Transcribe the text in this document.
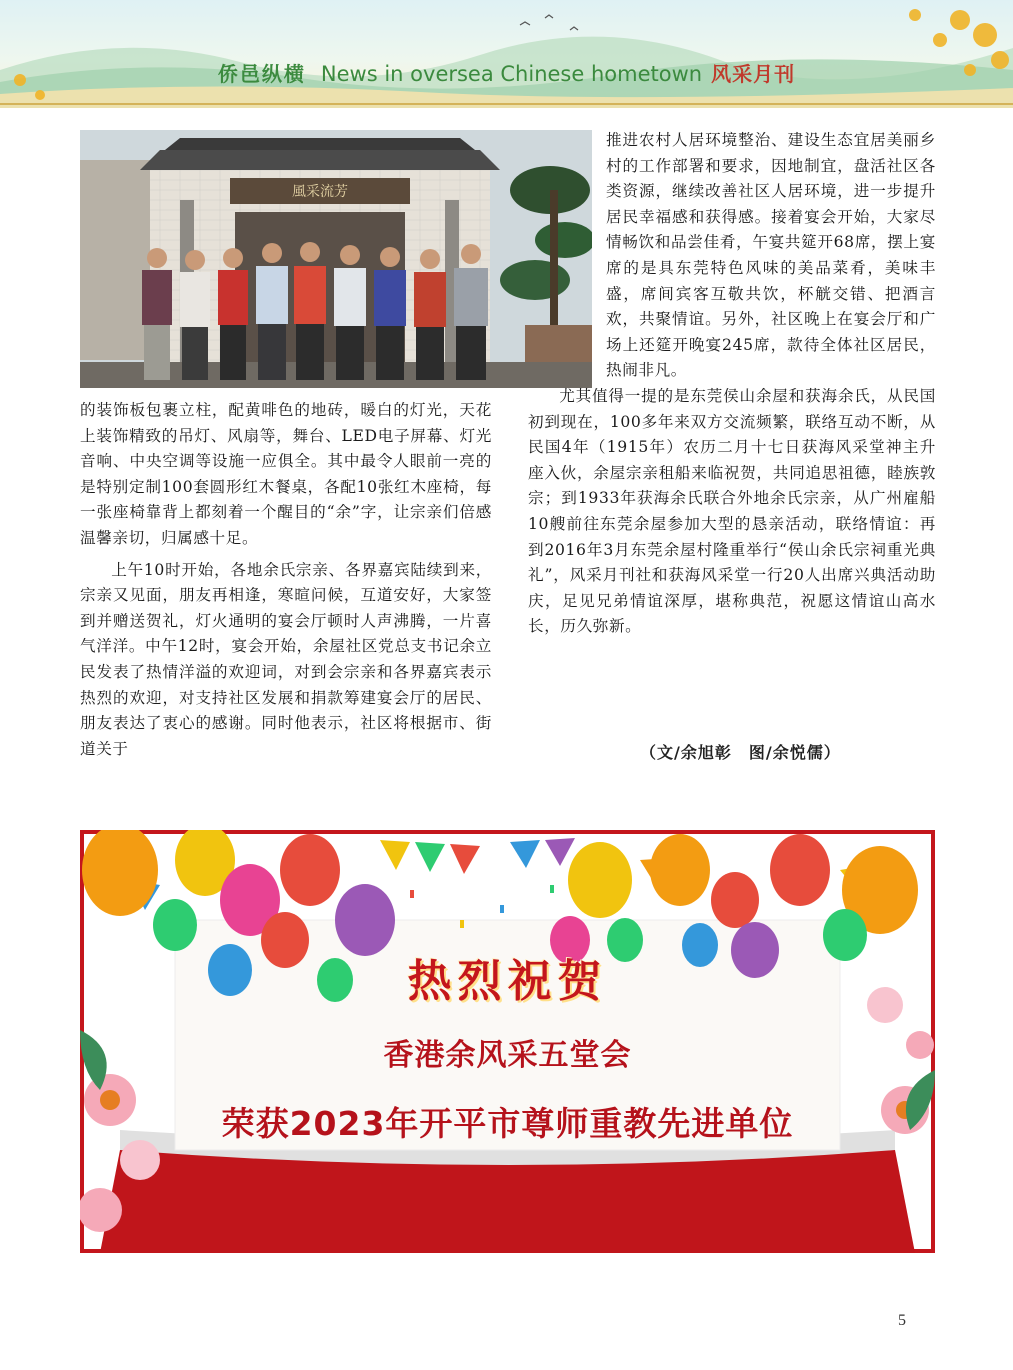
侨邑纵横 News in oversea Chinese hometown 风采月刊
風采流芳

的装饰板包裹立柱，配黄啡色的地砖，暖白的灯光，天花上装饰精致的吊灯、风扇等，舞台、LED电子屏幕、灯光音响、中央空调等设施一应俱全。其中最令人眼前一亮的是特别定制100套圆形红木餐桌，各配10张红木座椅，每一张座椅靠背上都刻着一个醒目的“余”字，让宗亲们倍感温馨亲切，归属感十足。

上午10时开始，各地余氏宗亲、各界嘉宾陆续到来，宗亲又见面，朋友再相逢，寒暄问候，互道安好，大家签到并赠送贺礼，灯火通明的宴会厅顿时人声沸腾，一片喜气洋洋。中午12时，宴会开始，余屋社区党总支书记余立民发表了热情洋溢的欢迎词，对到会宗亲和各界嘉宾表示热烈的欢迎，对支持社区发展和捐款筹建宴会厅的居民、朋友表达了衷心的感谢。同时他表示，社区将根据市、街道关于

推进农村人居环境整治、建设生态宜居美丽乡村的工作部署和要求，因地制宜，盘活社区各类资源，继续改善社区人居环境，进一步提升居民幸福感和获得感。接着宴会开始，大家尽情畅饮和品尝佳肴，午宴共筵开68席，摆上宴席的是具东莞特色风味的美品菜肴，美味丰盛，席间宾客互敬共饮，杯觥交错、把酒言欢，共聚情谊。另外，社区晚上在宴会厅和广场上还筵开晚宴245席，款待全体社区居民，热闹非凡。

尤其值得一提的是东莞侯山余屋和获海余氏，从民国初到现在，100多年来双方交流频繁，联络互动不断，从民国4年（1915年）农历二月十七日获海风采堂神主升座入伙，余屋宗亲租船来临祝贺，共同追思祖德，睦族敦宗；到1933年获海余氏联合外地余氏宗亲，从广州雇船10艘前往东莞余屋参加大型的恳亲活动，联络情谊：再到2016年3月东莞余屋村隆重举行“侯山余氏宗祠重光典礼”，风采月刊社和获海风采堂一行20人出席兴典活动助庆，足见兄弟情谊深厚，堪称典范，祝愿这情谊山高水长，历久弥新。

（文/余旭彰　图/余悦儒）
热烈祝贺
香港余风采五堂会
荣获2023年开平市尊师重教先进单位
5
